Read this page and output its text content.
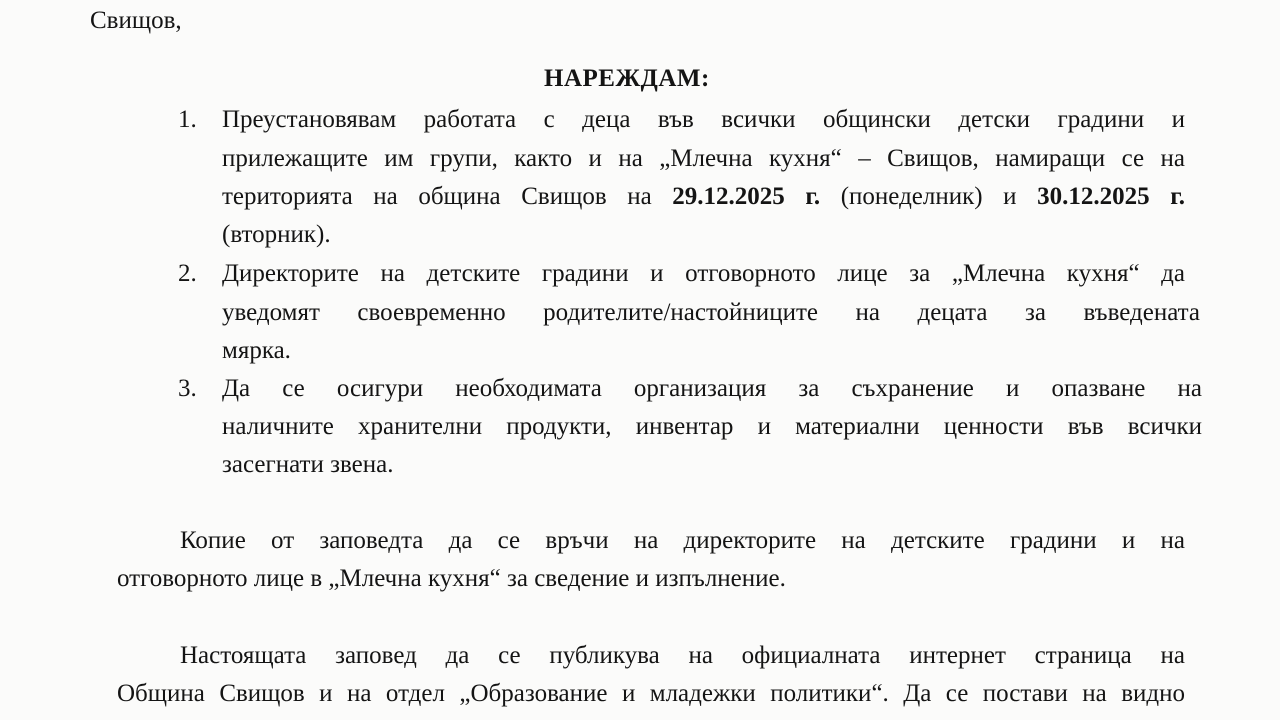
Свищов,
НАРЕЖДАМ:
1. Преустановявам работата с деца във всички общински детски градини и
прилежащите им групи, както и на „Млечна кухня“ – Свищов, намиращи се на
територията на община Свищов на 29.12.2025 г. (понеделник) и 30.12.2025 г.
(вторник).
2. Директорите на детските градини и отговорното лице за „Млечна кухня“ да
уведомят своевременно родителите/настойниците на децата за въведената
мярка.
3. Да се осигури необходимата организация за съхранение и опазване на
наличните хранителни продукти, инвентар и материални ценности във всички
засегнати звена.
Копие от заповедта да се връчи на директорите на детските градини и на
отговорното лице в „Млечна кухня“ за сведение и изпълнение.
Настоящата заповед да се публикува на официалната интернет страница на
Община Свищов и на отдел „Образование и младежки политики“. Да се постави на видно
